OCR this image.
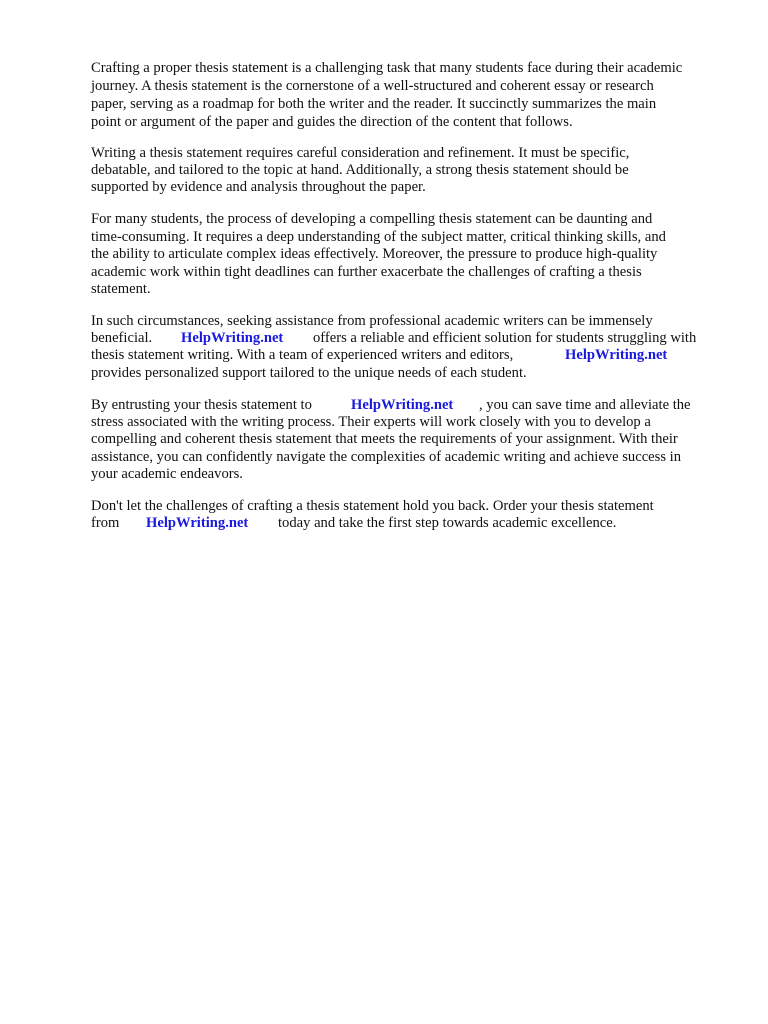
Crafting a proper thesis statement is a challenging task that many students face during their academic
journey. A thesis statement is the cornerstone of a well-structured and coherent essay or research
paper, serving as a roadmap for both the writer and the reader. It succinctly summarizes the main
point or argument of the paper and guides the direction of the content that follows.
Writing a thesis statement requires careful consideration and refinement. It must be specific,
debatable, and tailored to the topic at hand. Additionally, a strong thesis statement should be
supported by evidence and analysis throughout the paper.
For many students, the process of developing a compelling thesis statement can be daunting and
time-consuming. It requires a deep understanding of the subject matter, critical thinking skills, and
the ability to articulate complex ideas effectively. Moreover, the pressure to produce high-quality
academic work within tight deadlines can further exacerbate the challenges of crafting a thesis
statement.
In such circumstances, seeking assistance from professional academic writers can be immensely
beneficial. HelpWriting.net offers a reliable and efficient solution for students struggling with
thesis statement writing. With a team of experienced writers and editors,	HelpWriting.net
provides personalized support tailored to the unique needs of each student.
By entrusting your thesis statement to	HelpWriting.net , you can save time and alleviate the
stress associated with the writing process. Their experts will work closely with you to develop a
compelling and coherent thesis statement that meets the requirements of your assignment. With their
assistance, you can confidently navigate the complexities of academic writing and achieve success in
your academic endeavors.
Don't let the challenges of crafting a thesis statement hold you back. Order your thesis statement
from HelpWriting.net today and take the first step towards academic excellence.
